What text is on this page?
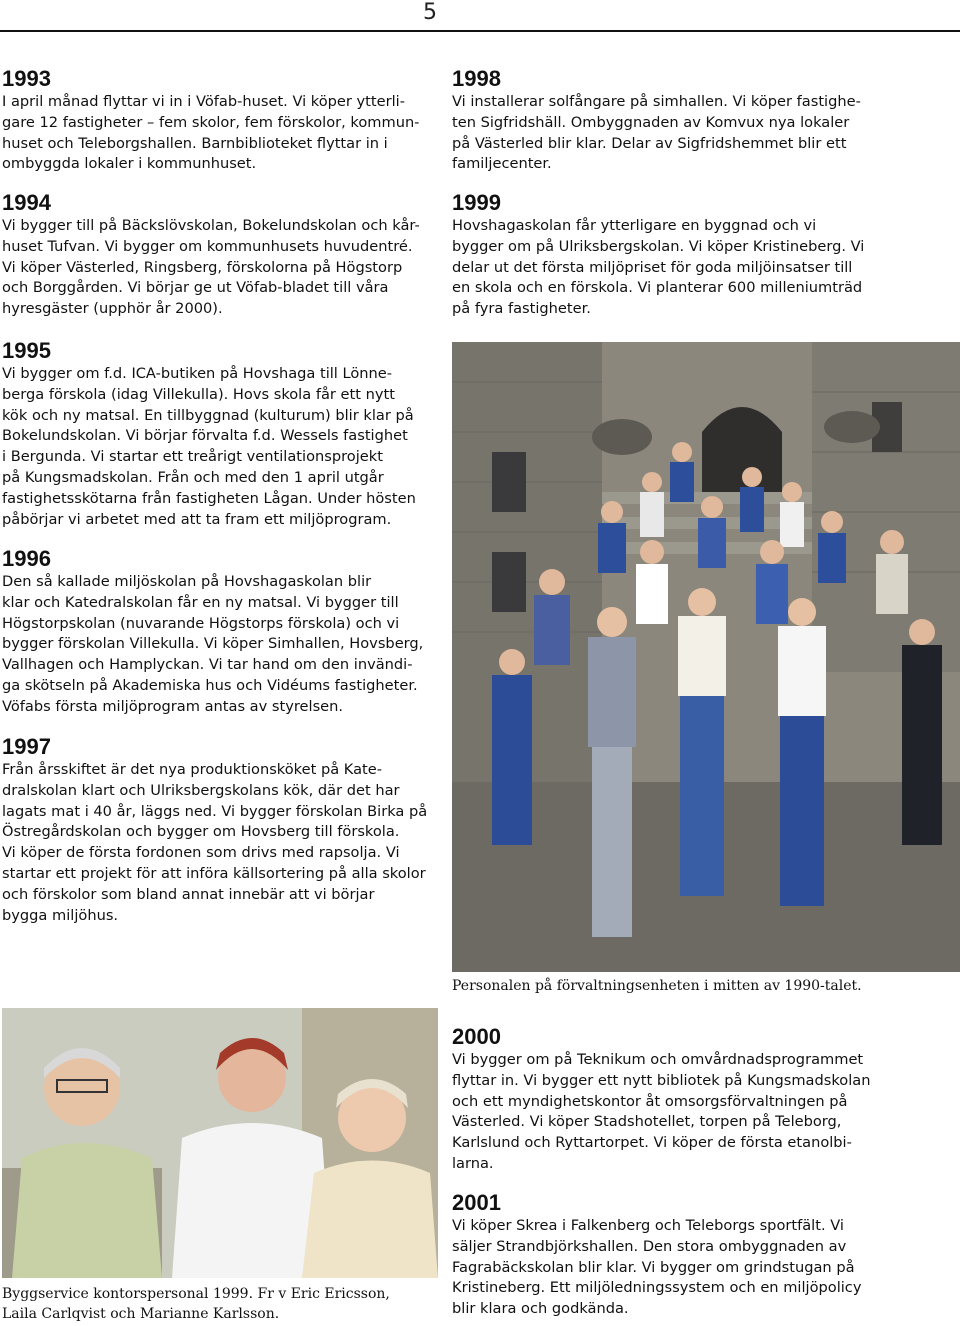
5
1993

I april månad flyttar vi in i Vöfab-huset. Vi köper ytterli-
gare 12 fastigheter – fem skolor, fem förskolor, kommun-
huset och Teleborgshallen. Barnbiblioteket flyttar in i
ombyggda lokaler i kommunhuset.

1994

Vi bygger till på Bäckslövskolan, Bokelundskolan och kår-
huset Tufvan. Vi bygger om kommunhusets huvudentré.
Vi köper Västerled, Ringsberg, förskolorna på Högstorp
och Borggården. Vi börjar ge ut Vöfab-bladet till våra
hyresgäster (upphör år 2000).

1995

Vi bygger om f.d. ICA-butiken på Hovshaga till Lönne-
berga förskola (idag Villekulla). Hovs skola får ett nytt
kök och ny matsal. En tillbyggnad (kulturum) blir klar på
Bokelundskolan. Vi börjar förvalta f.d. Wessels fastighet
i Bergunda. Vi startar ett treårigt ventilationsprojekt
på Kungsmadskolan. Från och med den 1 april utgår
fastighetsskötarna från fastigheten Lågan. Under hösten
påbörjar vi arbetet med att ta fram ett miljöprogram.

1996

Den så kallade miljöskolan på Hovshagaskolan blir
klar och Katedralskolan får en ny matsal. Vi bygger till
Högstorpskolan (nuvarande Högstorps förskola) och vi
bygger förskolan Villekulla. Vi köper Simhallen, Hovsberg,
Vallhagen och Hamplyckan. Vi tar hand om den invändi-
ga skötseln på Akademiska hus och Vidéums fastigheter.
Vöfabs första miljöprogram antas av styrelsen.

1997

Från årsskiftet är det nya produktionsköket på Kate-
dralskolan klart och Ulriksbergskolans kök, där det har
lagats mat i 40 år, läggs ned. Vi bygger förskolan Birka på
Östregårdskolan och bygger om Hovsberg till förskola.
Vi köper de första fordonen som drivs med rapsolja. Vi
startar ett projekt för att införa källsortering på alla skolor
och förskolor som bland annat innebär att vi börjar
bygga miljöhus.

1998

Vi installerar solfångare på simhallen. Vi köper fastighe-
ten Sigfridshäll. Ombyggnaden av Komvux nya lokaler
på Västerled blir klar. Delar av Sigfridshemmet blir ett
familjecenter.

1999

Hovshagaskolan får ytterligare en byggnad och vi
bygger om på Ulriksbergskolan. Vi köper Kristineberg. Vi
delar ut det första miljöpriset för goda miljöinsatser till
en skola och en förskola. Vi planterar 600 milleniumträd
på fyra fastigheter.

Personalen på förvaltningsenheten i mitten av 1990-talet.
Byggservice kontorspersonal 1999. Fr v Eric Ericsson,
Laila Carlqvist och Marianne Karlsson.
2000

Vi bygger om på Teknikum och omvårdnadsprogrammet
flyttar in. Vi bygger ett nytt bibliotek på Kungsmadskolan
och ett myndighetskontor åt omsorgsförvaltningen på
Västerled. Vi köper Stadshotellet, torpen på Teleborg,
Karlslund och Ryttartorpet. Vi köper de första etanolbi-
larna.

2001

Vi köper Skrea i Falkenberg och Teleborgs sportfält. Vi
säljer Strandbjörkshallen. Den stora ombyggnaden av
Fagrabäckskolan blir klar. Vi bygger om grindstugan på
Kristineberg. Ett miljöledningssystem och en miljöpolicy
blir klara och godkända.
